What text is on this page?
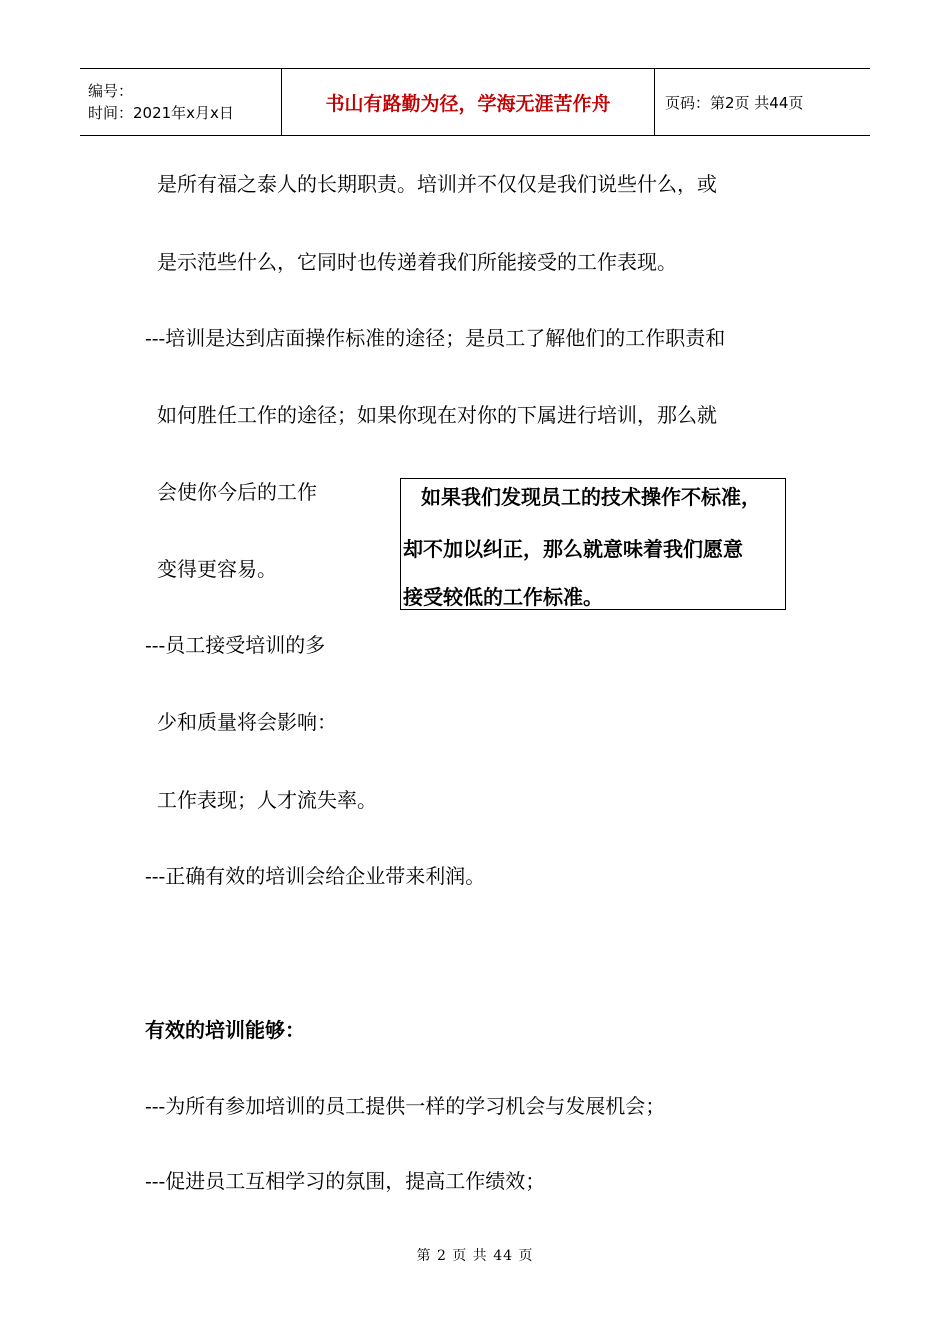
编号：
时间：2021年x月x日	书山有路勤为径，学海无涯苦作舟	页码：第2页 共44页
是所有福之泰人的长期职责。培训并不仅仅是我们说些什么，或
是示范些什么，它同时也传递着我们所能接受的工作表现。
---培训是达到店面操作标准的途径；是员工了解他们的工作职责和
如何胜任工作的途径；如果你现在对你的下属进行培训，那么就
会使你今后的工作
变得更容易。
---员工接受培训的多
少和质量将会影响：
工作表现；人才流失率。
---正确有效的培训会给企业带来利润。
如果我们发现员工的技术操作不标准，
却不加以纠正，那么就意味着我们愿意
接受较低的工作标准。
有效的培训能够：
---为所有参加培训的员工提供一样的学习机会与发展机会；
---促进员工互相学习的氛围，提高工作绩效；
第 2 页 共 44 页
